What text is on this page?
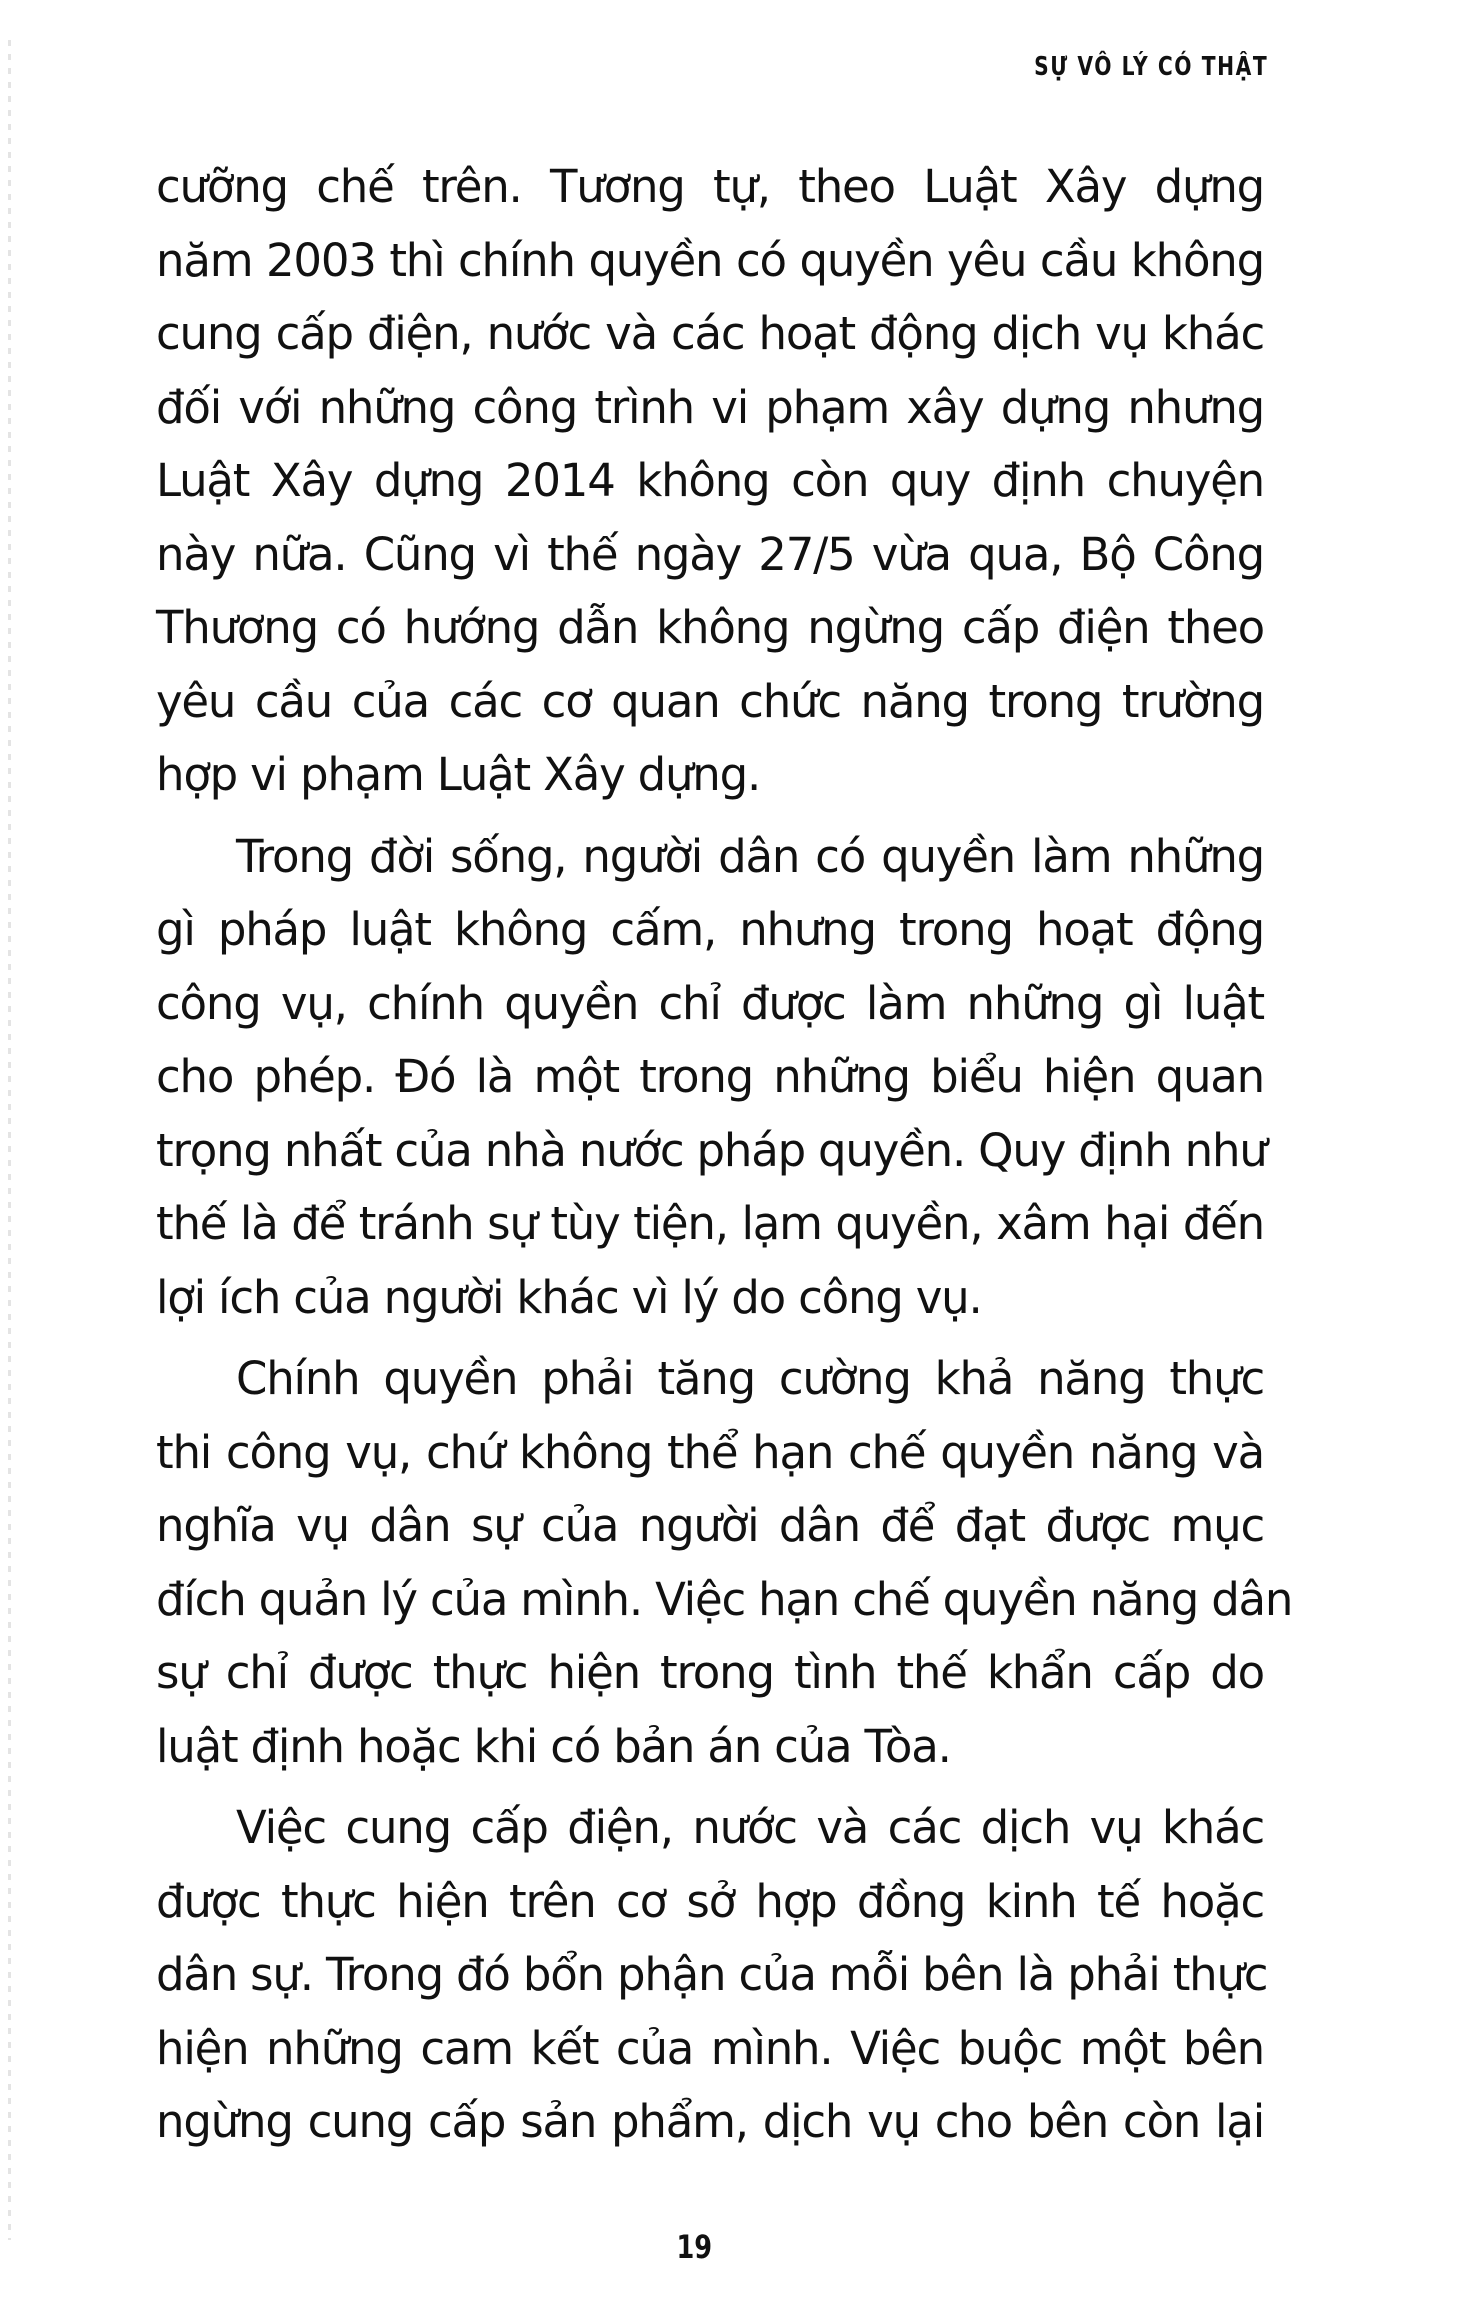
SỰ VÔ LÝ CÓ THẬT
cưỡng chế trên. Tương tự, theo Luật Xây dựng
năm 2003 thì chính quyền có quyền yêu cầu không
cung cấp điện, nước và các hoạt động dịch vụ khác
đối với những công trình vi phạm xây dựng nhưng
Luật Xây dựng 2014 không còn quy định chuyện
này nữa. Cũng vì thế ngày 27/5 vừa qua, Bộ Công
Thương có hướng dẫn không ngừng cấp điện theo
yêu cầu của các cơ quan chức năng trong trường
hợp vi phạm Luật Xây dựng.
Trong đời sống, người dân có quyền làm những
gì pháp luật không cấm, nhưng trong hoạt động
công vụ, chính quyền chỉ được làm những gì luật
cho phép. Đó là một trong những biểu hiện quan
trọng nhất của nhà nước pháp quyền. Quy định như
thế là để tránh sự tùy tiện, lạm quyền, xâm hại đến
lợi ích của người khác vì lý do công vụ.
Chính quyền phải tăng cường khả năng thực
thi công vụ, chứ không thể hạn chế quyền năng và
nghĩa vụ dân sự của người dân để đạt được mục
đích quản lý của mình. Việc hạn chế quyền năng dân
sự chỉ được thực hiện trong tình thế khẩn cấp do
luật định hoặc khi có bản án của Tòa.
Việc cung cấp điện, nước và các dịch vụ khác
được thực hiện trên cơ sở hợp đồng kinh tế hoặc
dân sự. Trong đó bổn phận của mỗi bên là phải thực
hiện những cam kết của mình. Việc buộc một bên
ngừng cung cấp sản phẩm, dịch vụ cho bên còn lại
19
